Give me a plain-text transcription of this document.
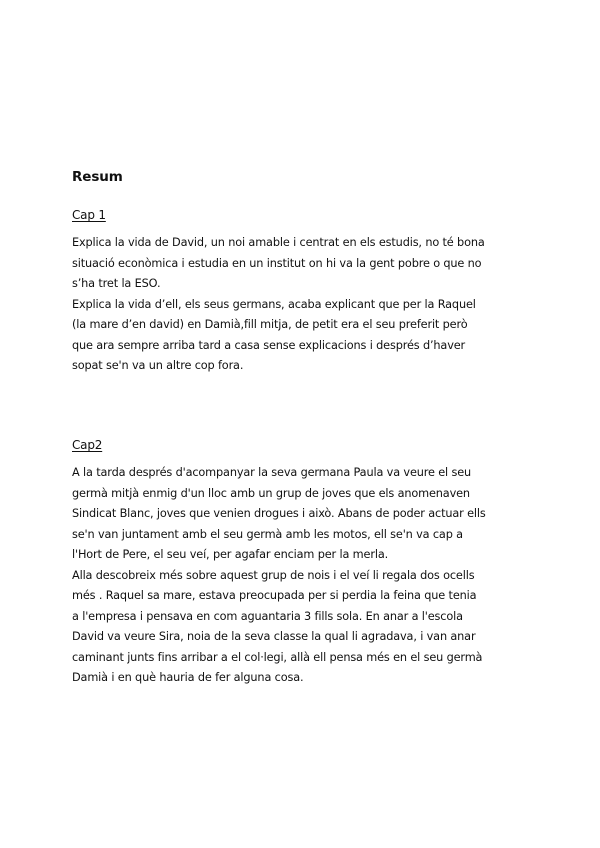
Resum
Cap 1

Explica la vida de David, un noi amable i centrat en els estudis, no té bona

situació econòmica i estudia en un institut on hi va la gent pobre o que no

s’ha tret la ESO.

Explica la vida d’ell, els seus germans, acaba explicant que per la Raquel

(la mare d’en david) en Damià,fill mitja, de petit era el seu preferit però

que ara sempre arriba tard a casa sense explicacions i després d’haver

sopat se'n va un altre cop fora.

Cap2

A la tarda després d'acompanyar la seva germana Paula va veure el seu

germà mitjà enmig d'un lloc amb un grup de joves que els anomenaven

Sindicat Blanc, joves que venien drogues i això. Abans de poder actuar ells

se'n van juntament amb el seu germà amb les motos, ell se'n va cap a

l'Hort de Pere, el seu veí, per agafar enciam per la merla.

Alla descobreix més sobre aquest grup de nois i el veí li regala dos ocells

més . Raquel sa mare, estava preocupada per si perdia la feina que tenia

a l'empresa i pensava en com aguantaria 3 fills sola. En anar a l'escola

David va veure Sira, noia de la seva classe la qual li agradava, i van anar

caminant junts fins arribar a el col·legi, allà ell pensa més en el seu germà

Damià i en què hauria de fer alguna cosa.
